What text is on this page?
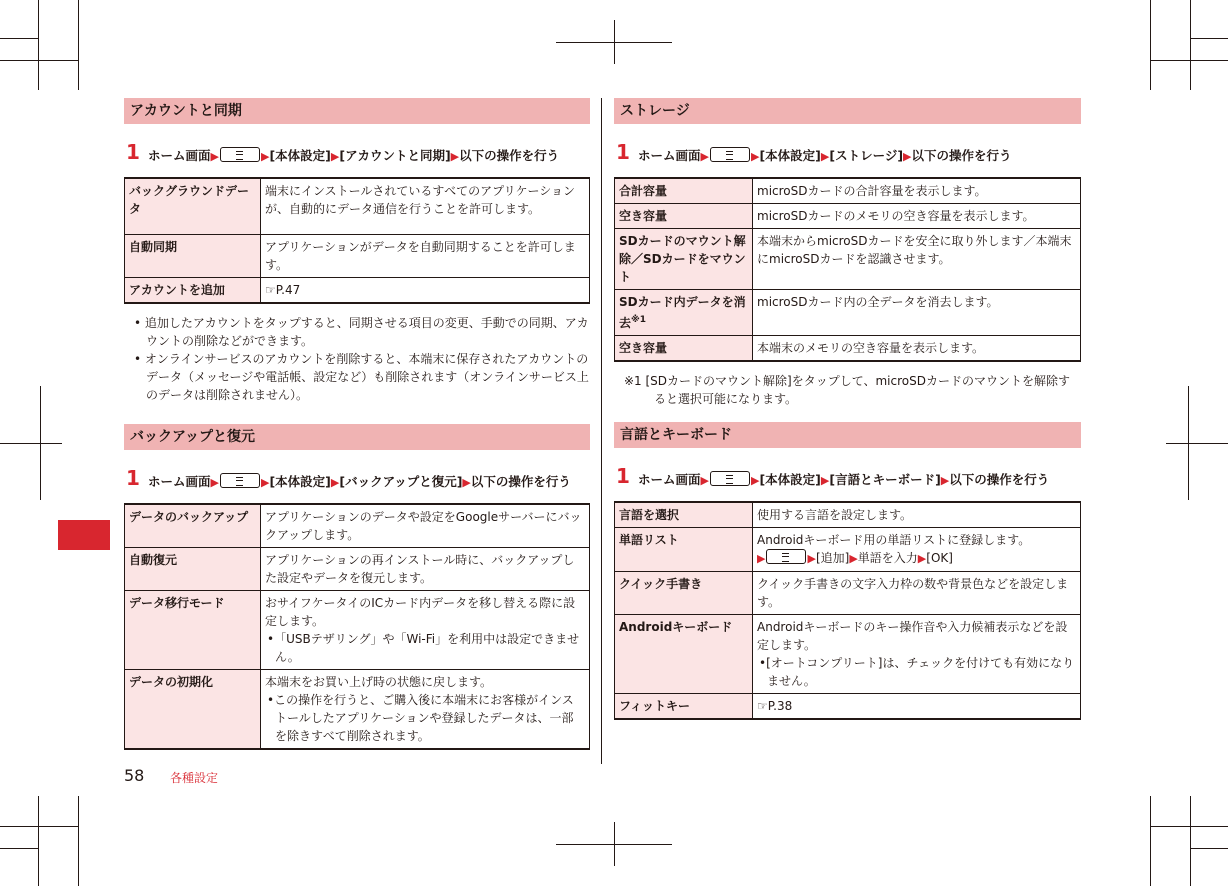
アカウントと同期
1 ホーム画面▶	▶[本体設定]▶[アカウントと同期]▶以下の操作を行う
バックグラウンドデータ	端末にインストールされているすべてのアプリケーションが、自動的にデータ通信を行うことを許可します。
自動同期	アプリケーションがデータを自動同期することを許可します。
アカウントを追加	☞P.47
• 追加したアカウントをタップすると、同期させる項目の変更、手動での同期、アカウントの削除などができます。
• オンラインサービスのアカウントを削除すると、本端末に保存されたアカウントのデータ（メッセージや電話帳、設定など）も削除されます（オンラインサービス上のデータは削除されません）。
バックアップと復元
1 ホーム画面▶	▶[本体設定]▶[バックアップと復元]▶以下の操作を行う
データのバックアップ	アプリケーションのデータや設定をGoogleサーバーにバックアップします。
自動復元	アプリケーションの再インストール時に、バックアップした設定やデータを復元します。
データ移行モード	おサイフケータイのICカード内データを移し替える際に設定します。
•「USBテザリング」や「Wi-Fi」を利用中は設定できません。

データの初期化	本端末をお買い上げ時の状態に戻します。
•この操作を行うと、ご購入後に本端末にお客様がインストールしたアプリケーションや登録したデータは、一部を除きすべて削除されます。
ストレージ
1 ホーム画面▶	▶[本体設定]▶[ストレージ]▶以下の操作を行う
合計容量	microSDカードの合計容量を表示します。
空き容量	microSDカードのメモリの空き容量を表示します。
SDカードのマウント解除／SDカードをマウント	本端末からmicroSDカードを安全に取り外します／本端末にmicroSDカードを認識させます。
SDカード内データを消去$^{※1}$	microSDカード内の全データを消去します。
空き容量	本端末のメモリの空き容量を表示します。
※1 [SDカードのマウント解除]をタップして、microSDカードのマウントを解除すると選択可能になります。
言語とキーボード
1 ホーム画面▶	▶[本体設定]▶[言語とキーボード]▶以下の操作を行う
言語を選択	使用する言語を設定します。
単語リスト	Androidキーボード用の単語リストに登録します。
▶ ▶[追加]▶単語を入力▶[OK]

クイック手書き	クイック手書きの文字入力枠の数や背景色などを設定します。
Androidキーボード	Androidキーボードのキー操作音や入力候補表示などを設定します。
•[オートコンプリート]は、チェックを付けても有効になりません。

フィットキー	☞P.38
58 各種設定
